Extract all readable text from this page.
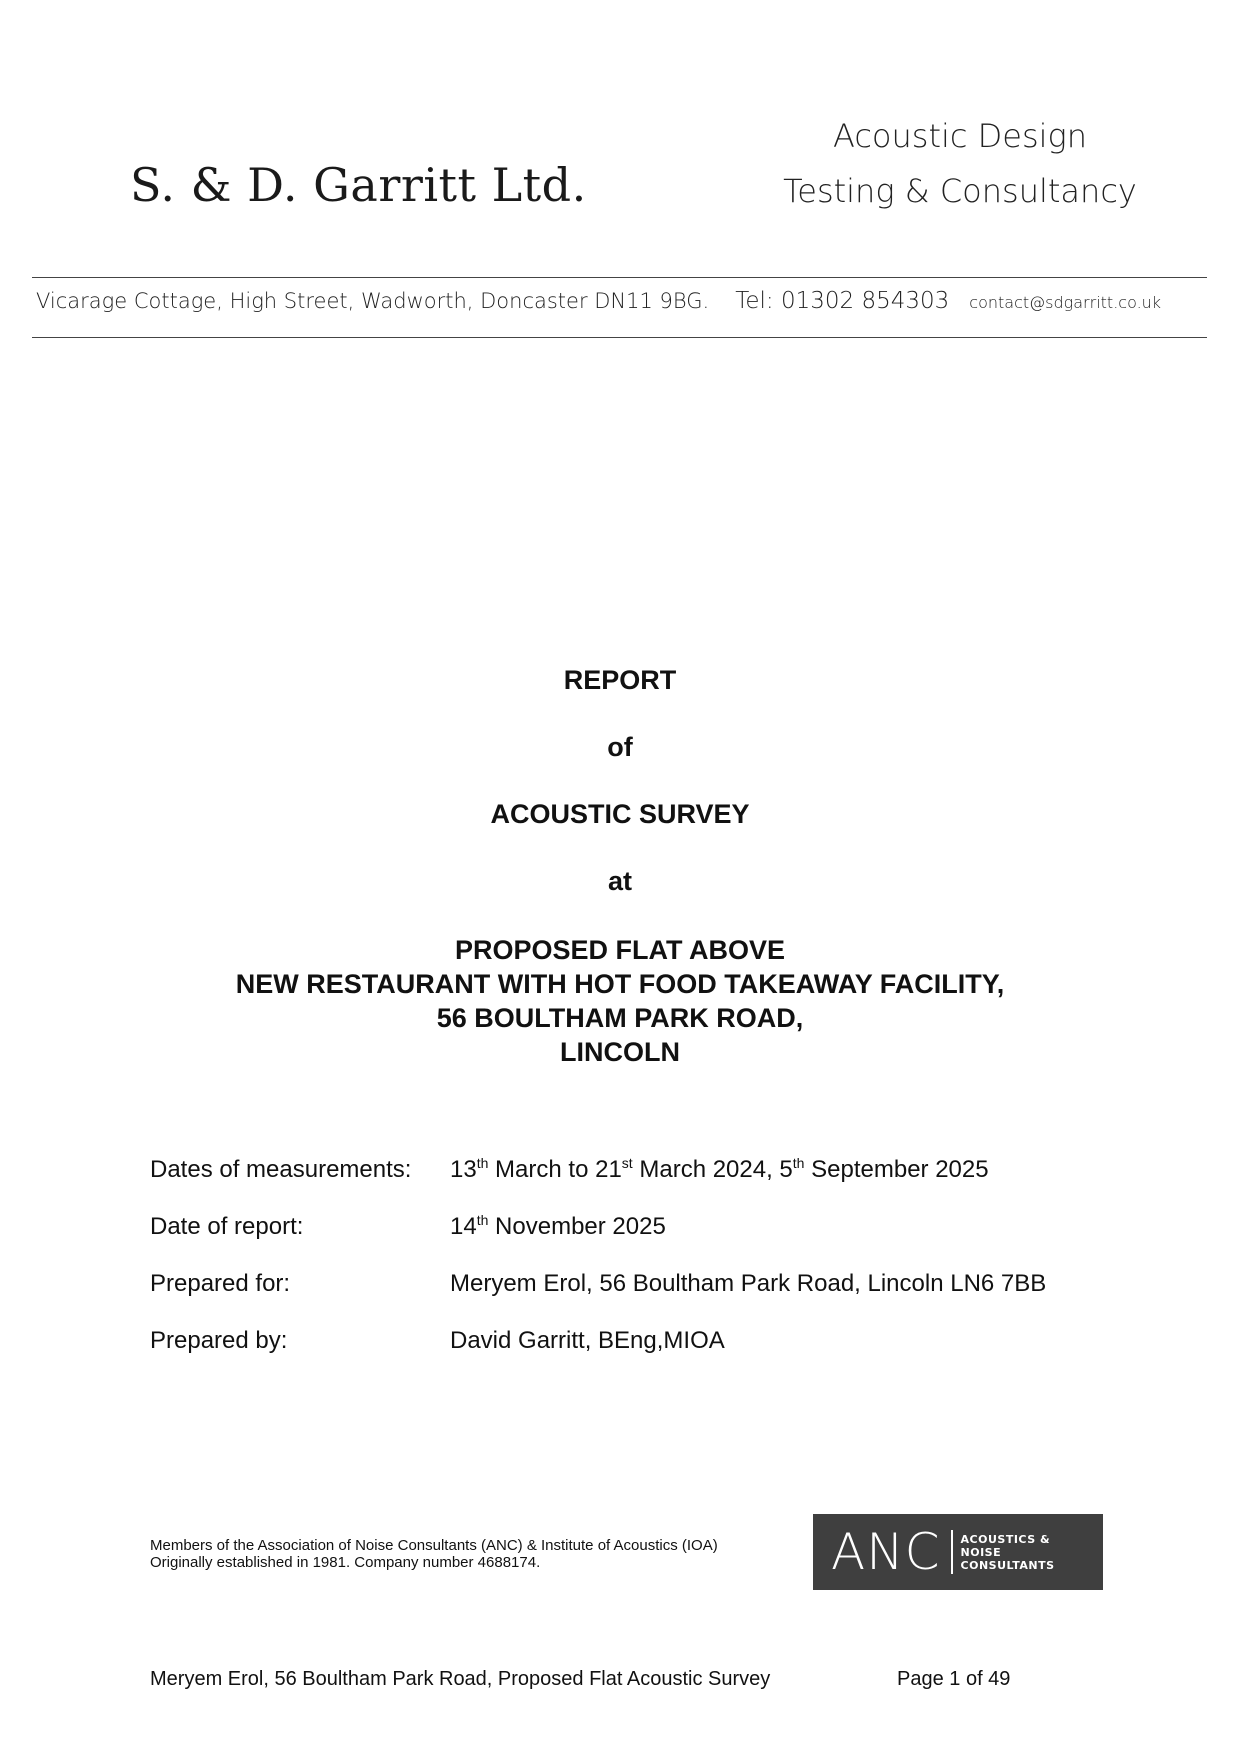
S. & D. Garritt Ltd.
Acoustic Design
Testing & Consultancy
Vicarage Cottage, High Street, Wadworth, Doncaster DN11 9BG. Tel: 01302 854303 contact@sdgarritt.co.uk
REPORT
of
ACOUSTIC SURVEY
at
PROPOSED FLAT ABOVE
NEW RESTAURANT WITH HOT FOOD TAKEAWAY FACILITY,
56 BOULTHAM PARK ROAD,
LINCOLN
Dates of measurements:	13th March to 21st March 2024, 5th September 2025
Date of report:	14th November 2025
Prepared for:	Meryem Erol, 56 Boultham Park Road, Lincoln LN6 7BB
Prepared by:	David Garritt, BEng,MIOA
Members of the Association of Noise Consultants (ANC) & Institute of Acoustics (IOA)
Originally established in 1981. Company number 4688174.	ANC ACOUSTICS &
NOISE
CONSULTANTS
Meryem Erol, 56 Boultham Park Road, Proposed Flat Acoustic Survey	Page 1 of 49
